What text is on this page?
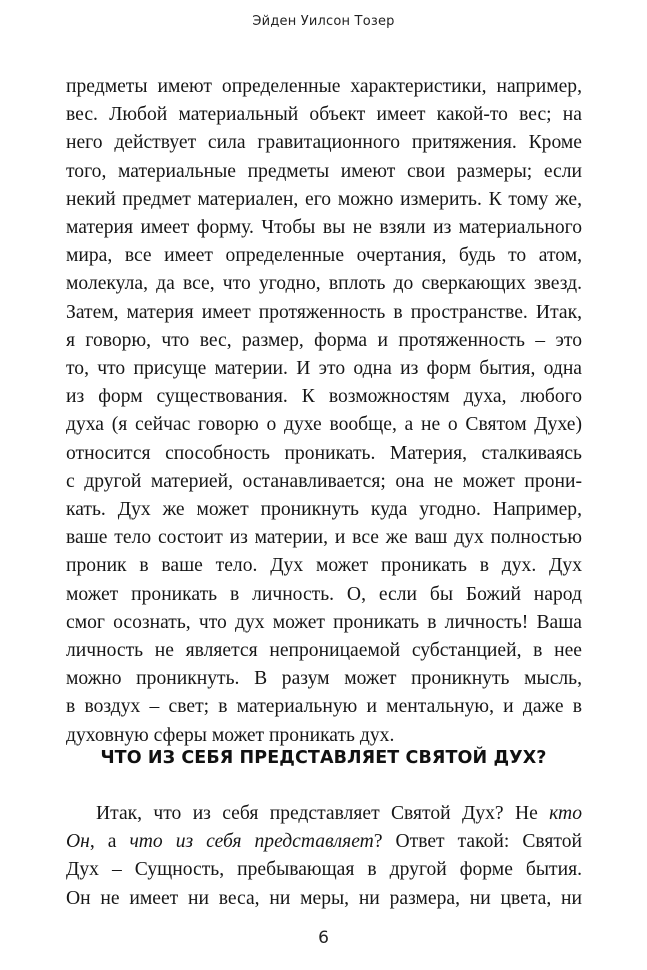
Эйден Уилсон Тозер
предметы имеют определенные характеристики, например,
вес. Любой материальный объект имеет какой-то вес; на
него действует сила гравитационного притяжения. Кроме
того, материальные предметы имеют свои размеры; если
некий предмет материален, его можно измерить. К тому же,
материя имеет форму. Чтобы вы не взяли из материального
мира, все имеет определенные очертания, будь то атом,
молекула, да все, что угодно, вплоть до сверкающих звезд.
Затем, материя имеет протяженность в пространстве. Итак,
я говорю, что вес, размер, форма и протяженность – это
то, что присуще материи. И это одна из форм бытия, одна
из форм существования. К возможностям духа, любого
духа (я сейчас говорю о духе вообще, а не о Святом Духе)
относится способность проникать. Материя, сталкиваясь
с другой материей, останавливается; она не может прони-
кать. Дух же может проникнуть куда угодно. Например,
ваше тело состоит из материи, и все же ваш дух полностью
проник в ваше тело. Дух может проникать в дух. Дух
может проникать в личность. О, если бы Божий народ
смог осознать, что дух может проникать в личность! Ваша
личность не является непроницаемой субстанцией, в нее
можно проникнуть. В разум может проникнуть мысль,
в воздух – свет; в материальную и ментальную, и даже в
духовную сферы может проникать дух.
ЧТО ИЗ СЕБЯ ПРЕДСТАВЛЯЕТ СВЯТОЙ ДУХ?
Итак, что из себя представляет Святой Дух? Не кто
Он, а что из себя представляет? Ответ такой: Святой
Дух – Сущность, пребывающая в другой форме бытия.
Он не имеет ни веса, ни меры, ни размера, ни цвета, ни
6
